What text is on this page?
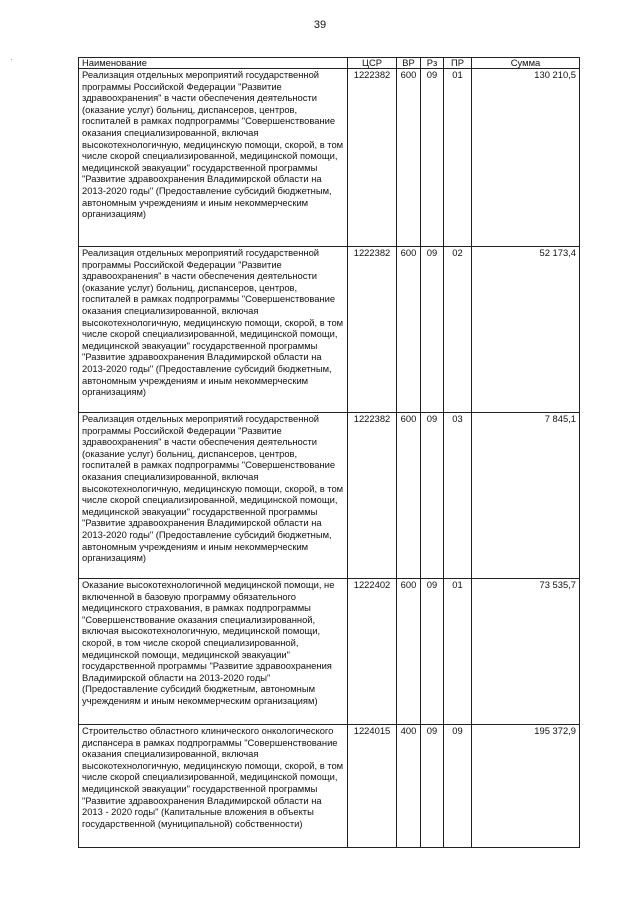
39
Наименование	ЦСР	ВР	Рз	ПР	Сумма
Реализация отдельных мероприятий государственной программы Российской Федерации "Развитие здравоохранения" в части обеспечения деятельности (оказание услуг) больниц, диспансеров, центров, госпиталей в рамках подпрограммы "Совершенствование оказания специализированной, включая высокотехнологичную, медицинскую помощи, скорой, в том числе скорой специализированной, медицинской помощи, медицинской эвакуации" государственной программы "Развитие здравоохранения Владимирской области на 2013-2020 годы" (Предоставление субсидий бюджетным, автономным учреждениям и иным некоммерческим организациям)	1222382	600	09	01	130 210,5
Реализация отдельных мероприятий государственной программы Российской Федерации "Развитие здравоохранения" в части обеспечения деятельности (оказание услуг) больниц, диспансеров, центров, госпиталей в рамках подпрограммы "Совершенствование оказания специализированной, включая высокотехнологичную, медицинскую помощи, скорой, в том числе скорой специализированной, медицинской помощи, медицинской эвакуации" государственной программы "Развитие здравоохранения Владимирской области на 2013-2020 годы" (Предоставление субсидий бюджетным, автономным учреждениям и иным некоммерческим организациям)	1222382	600	09	02	52 173,4
Реализация отдельных мероприятий государственной программы Российской Федерации "Развитие здравоохранения" в части обеспечения деятельности (оказание услуг) больниц, диспансеров, центров, госпиталей в рамках подпрограммы "Совершенствование оказания специализированной, включая высокотехнологичную, медицинскую помощи, скорой, в том числе скорой специализированной, медицинской помощи, медицинской эвакуации" государственной программы "Развитие здравоохранения Владимирской области на 2013-2020 годы" (Предоставление субсидий бюджетным, автономным учреждениям и иным некоммерческим организациям)	1222382	600	09	03	7 845,1
Оказание высокотехнологичной медицинской помощи, не включенной в базовую программу обязательного медицинского страхования, в рамках подпрограммы "Совершенствование оказания специализированной, включая высокотехнологичную, медицинской помощи, скорой, в том числе скорой специализированной, медицинской помощи, медицинской эвакуации" государственной программы "Развитие здравоохранения Владимирской области на 2013-2020 годы" (Предоставление субсидий бюджетным, автономным учреждениям и иным некоммерческим организациям)	1222402	600	09	01	73 535,7
Строительство областного клинического онкологического диспансера в рамках подпрограммы "Совершенствование оказания специализированной, включая высокотехнологичную, медицинскую помощи, скорой, в том числе скорой специализированной, медицинской помощи, медицинской эвакуации" государственной программы "Развитие здравоохранения Владимирской области на 2013 - 2020 годы" (Капитальные вложения в объекты государственной (муниципальной) собственности)	1224015	400	09	09	195 372,9
·
